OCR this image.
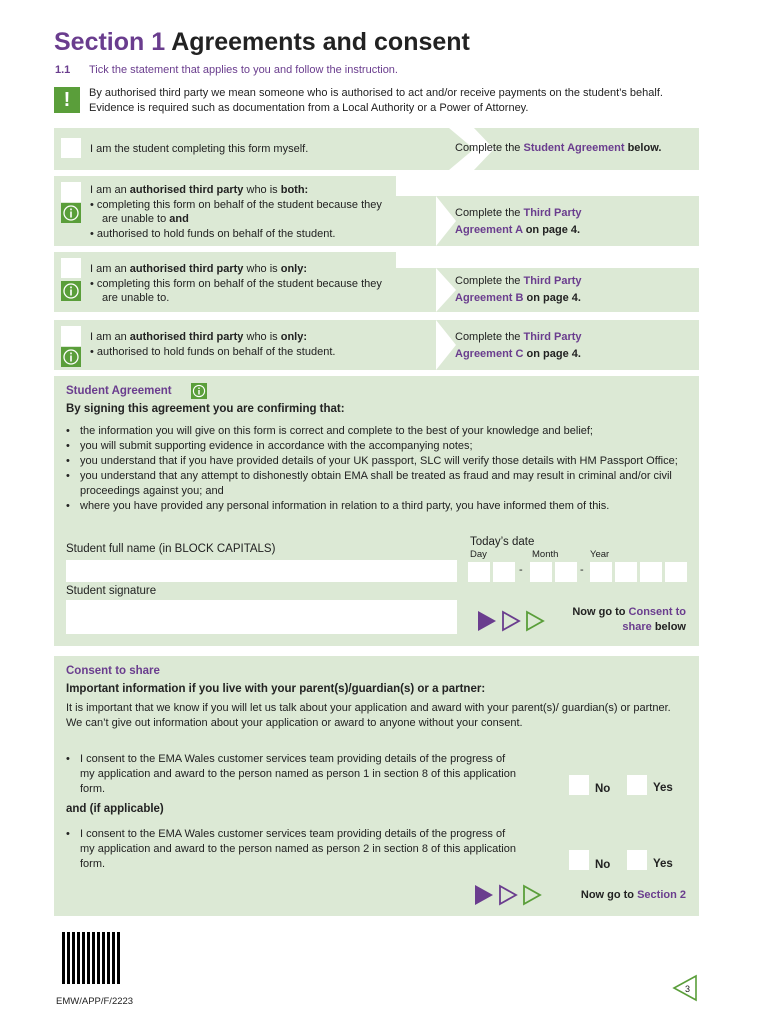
Section 1 Agreements and consent
1.1 Tick the statement that applies to you and follow the instruction.
!	By authorised third party we mean someone who is authorised to act and/or receive payments on the student’s behalf. Evidence is required such as documentation from a Local Authority or a Power of Attorney.
I am the student completing this form myself.	Complete the Student Agreement below.
I am an authorised third party who is both:
• completing this form on behalf of the student because they are unable to and
• authorised to hold funds on behalf of the student.
Complete the Third Party Agreement A on page 4.
I am an authorised third party who is only:
• completing this form on behalf of the student because they are unable to.
Complete the Third Party Agreement B on page 4.
I am an authorised third party who is only:
• authorised to hold funds on behalf of the student.
Complete the Third Party Agreement C on page 4.
Student Agreement
By signing this agreement you are confirming that:
• the information you will give on this form is correct and complete to the best of your knowledge and belief;
• you will submit supporting evidence in accordance with the accompanying notes;
• you understand that if you have provided details of your UK passport, SLC will verify those details with HM Passport Office;
• you understand that any attempt to dishonestly obtain EMA shall be treated as fraud and may result in criminal and/or civil proceedings against you; and
• where you have provided any personal information in relation to a third party, you have informed them of this.
Student full name (in BLOCK CAPITALS)
Today’s date
Day	Month	Year
-	-
Student signature
Now go to Consent to share below
Consent to share
Important information if you live with your parent(s)/guardian(s) or a partner:
It is important that we know if you will let us talk about your application and award with your parent(s)/ guardian(s) or partner. We can’t give out information about your application or award to anyone without your consent.
• I consent to the EMA Wales customer services team providing details of the progress of my application and award to the person named as person 1 in section 8 of this application form.	No	Yes
and (if applicable)
• I consent to the EMA Wales customer services team providing details of the progress of my application and award to the person named as person 2 in section 8 of this application form.	No	Yes
Now go to Section 2
EMW/APP/F/2223
3
